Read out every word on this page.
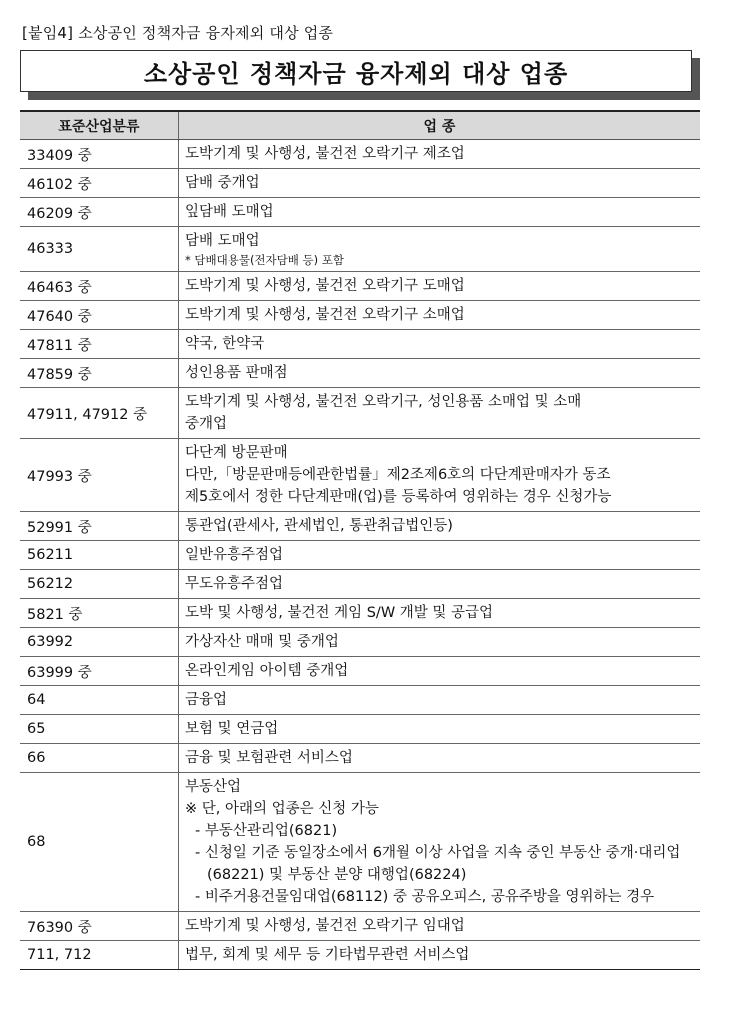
[붙임4] 소상공인 정책자금 융자제외 대상 업종
소상공인 정책자금 융자제외 대상 업종
표준산업분류	업 종
33409 중	도박기계 및 사행성, 불건전 오락기구 제조업

46102 중	담배 중개업

46209 중	잎담배 도매업

46333	담배 도매업
* 담배대용물(전자담배 등) 포함

46463 중	도박기계 및 사행성, 불건전 오락기구 도매업

47640 중	도박기계 및 사행성, 불건전 오락기구 소매업

47811 중	약국, 한약국

47859 중	성인용품 판매점

47911, 47912 중	도박기계 및 사행성, 불건전 오락기구, 성인용품 소매업 및 소매
중개업

47993 중	다단계 방문판매
다만,「방문판매등에관한법률」제2조제6호의 다단계판매자가 동조
제5호에서 정한 다단계판매(업)를 등록하여 영위하는 경우 신청가능

52991 중	통관업(관세사, 관세법인, 통관취급법인등)

56211	일반유흥주점업

56212	무도유흥주점업

5821 중	도박 및 사행성, 불건전 게임 S/W 개발 및 공급업

63992	가상자산 매매 및 중개업

63999 중	온라인게임 아이템 중개업

64	금융업

65	보험 및 연금업

66	금융 및 보험관련 서비스업

68	부동산업
※ 단, 아래의 업종은 신청 가능
- 부동산관리업(6821)
- 신청일 기준 동일장소에서 6개월 이상 사업을 지속 중인 부동산 중개·대리업(68221) 및 부동산 분양 대행업(68224)
- 비주거용건물임대업(68112) 중 공유오피스, 공유주방을 영위하는 경우

76390 중	도박기계 및 사행성, 불건전 오락기구 임대업

711, 712	법무, 회계 및 세무 등 기타법무관련 서비스업
